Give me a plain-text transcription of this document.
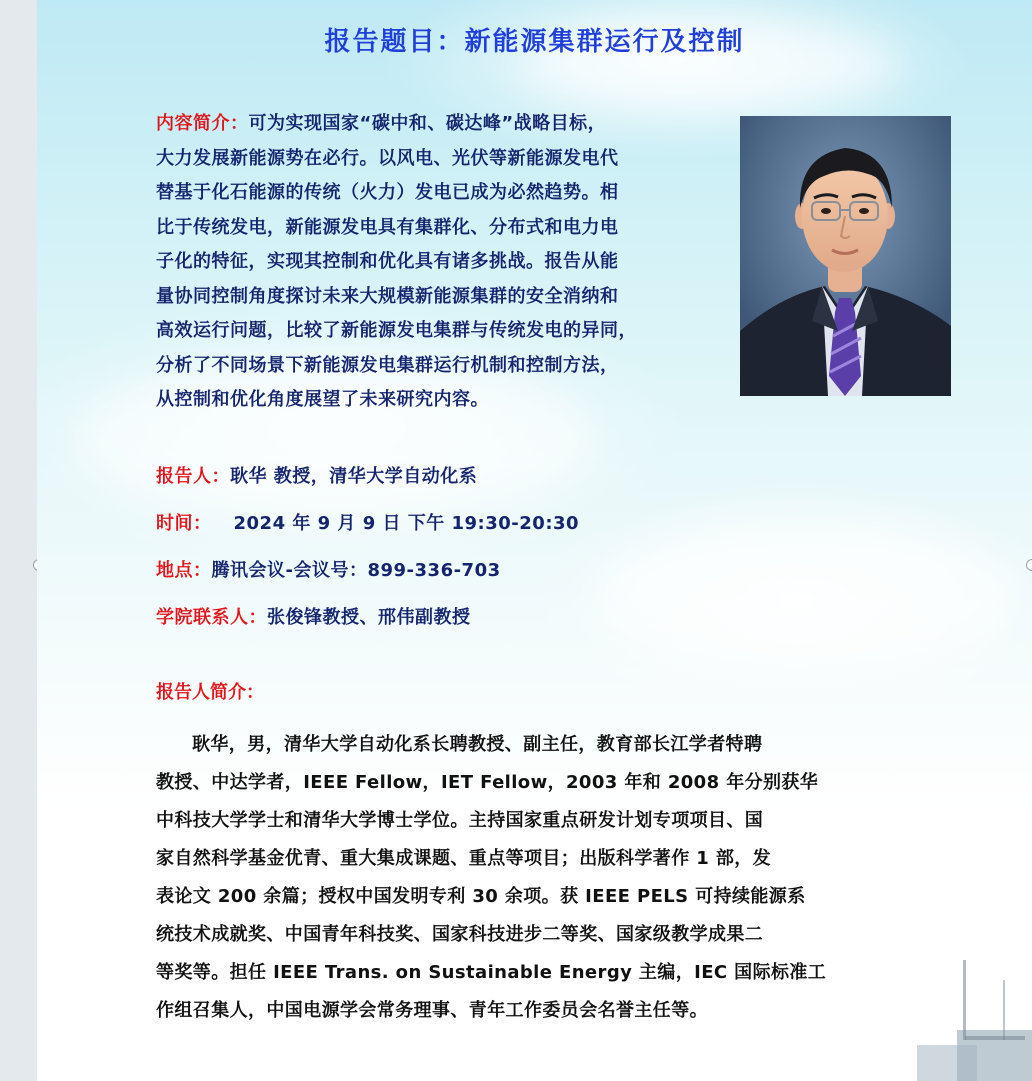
报告题目：新能源集群运行及控制
内容简介：可为实现国家“碳中和、碳达峰”战略目标，
大力发展新能源势在必行。以风电、光伏等新能源发电代
替基于化石能源的传统（火力）发电已成为必然趋势。相
比于传统发电，新能源发电具有集群化、分布式和电力电
子化的特征，实现其控制和优化具有诸多挑战。报告从能
量协同控制角度探讨未来大规模新能源集群的安全消纳和
高效运行问题，比较了新能源发电集群与传统发电的异同，
分析了不同场景下新能源发电集群运行机制和控制方法，
从控制和优化角度展望了未来研究内容。
报告人：耿华 教授，清华大学自动化系
时间： 2024 年 9 月 9 日 下午 19:30-20:30
地点：腾讯会议-会议号：899-336-703
学院联系人：张俊锋教授、邢伟副教授
报告人简介：
耿华，男，清华大学自动化系长聘教授、副主任，教育部长江学者特聘
教授、中达学者，IEEE Fellow，IET Fellow，2003 年和 2008 年分别获华
中科技大学学士和清华大学博士学位。主持国家重点研发计划专项项目、国
家自然科学基金优青、重大集成课题、重点等项目；出版科学著作 1 部，发
表论文 200 余篇；授权中国发明专利 30 余项。获 IEEE PELS 可持续能源系
统技术成就奖、中国青年科技奖、国家科技进步二等奖、国家级教学成果二
等奖等。担任 IEEE Trans. on Sustainable Energy 主编，IEC 国际标准工
作组召集人，中国电源学会常务理事、青年工作委员会名誉主任等。
